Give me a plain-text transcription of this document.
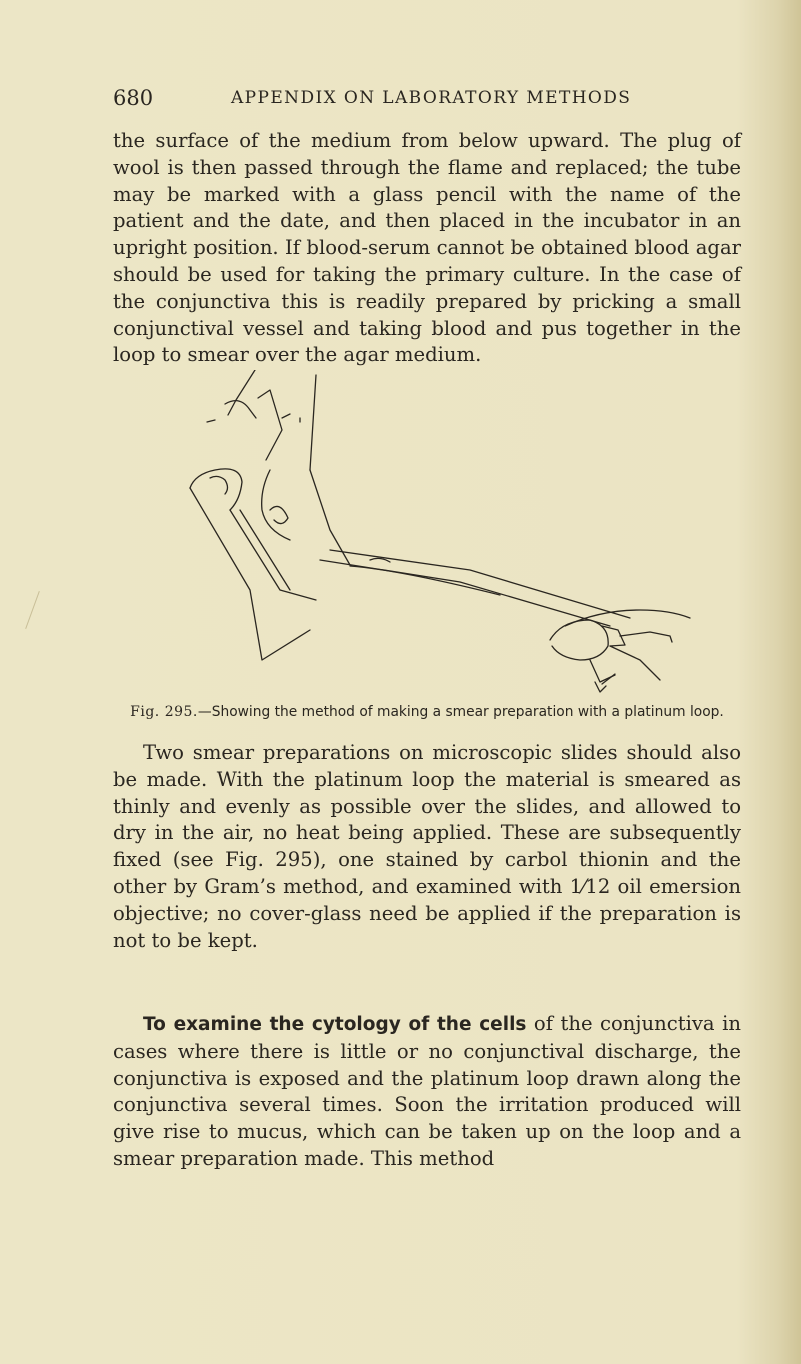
680	APPENDIX ON LABORATORY METHODS

the surface of the medium from below upward. The plug of wool is then passed through the flame and replaced; the tube may be marked with a glass pencil with the name of the patient and the date, and then placed in the incubator in an upright position. If blood-serum cannot be obtained blood agar should be used for taking the primary culture. In the case of the conjunctiva this is readily prepared by pricking a small conjunctival vessel and taking blood and pus together in the loop to smear over the agar medium.

Fig. 295.—Showing the method of making a smear preparation with a platinum loop.

Two smear preparations on microscopic slides should also be made. With the platinum loop the material is smeared as thinly and evenly as possible over the slides, and allowed to dry in the air, no heat being applied. These are subsequently fixed (see Fig. 295), one stained by carbol thionin and the other by Gram’s method, and examined with 1⁄12 oil emersion objective; no cover-glass need be applied if the preparation is not to be kept.

To examine the cytology of the cells of the conjunctiva in cases where there is little or no conjunctival discharge, the conjunctiva is exposed and the platinum loop drawn along the conjunctiva several times. Soon the irritation produced will give rise to mucus, which can be taken up on the loop and a smear preparation made. This method
